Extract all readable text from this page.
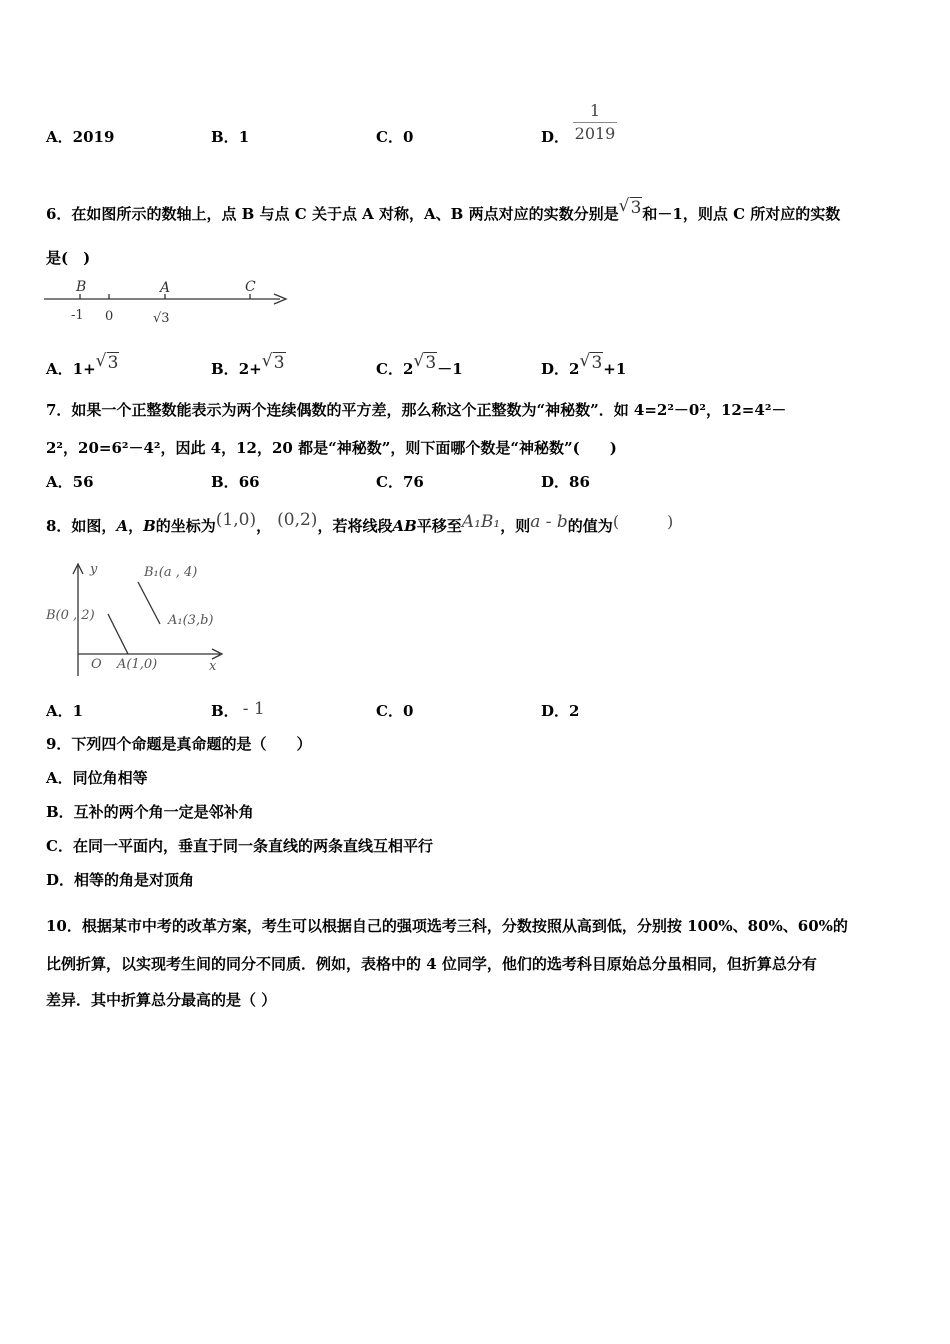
A．2019	B．1	C．0	D．
1
2019
6．在如图所示的数轴上，点 B 与点 C 关于点 A 对称，A、B 两点对应的实数分别是 √ 3和－1，则点 C 所对应的实数
是(　)
B	A	C
-1 0	√3
A．1+ √ 3	B．2+ √ 3	C．2 √ 3－1	D．2 √ 3+1
7．如果一个正整数能表示为两个连续偶数的平方差，那么称这个正整数为“神秘数”．如 4=2²－0²，12=4²－
2²，20=6²－4²，因此 4，12，20 都是“神秘数”，则下面哪个数是“神秘数”(　　)
A．56	B．66	C．76	D．86
8．如图，A，B的坐标为(1,0)， (0,2)，若将线段AB平移至A₁B₁，则a - b的值为(　　　)
y
x
O
B(0 , 2)
A(1,0)
B₁(a , 4)
A₁(3,b)
A．1	B． - 1	C．0	D．2
9．下列四个命题是真命题的是（　　）
A．同位角相等
B．互补的两个角一定是邻补角
C．在同一平面内，垂直于同一条直线的两条直线互相平行
D．相等的角是对顶角
10．根据某市中考的改革方案，考生可以根据自己的强项选考三科，分数按照从高到低，分别按 100%、80%、60%的
比例折算，以实现考生间的同分不同质．例如，表格中的 4 位同学，他们的选考科目原始总分虽相同，但折算总分有
差异．其中折算总分最高的是（ ）
